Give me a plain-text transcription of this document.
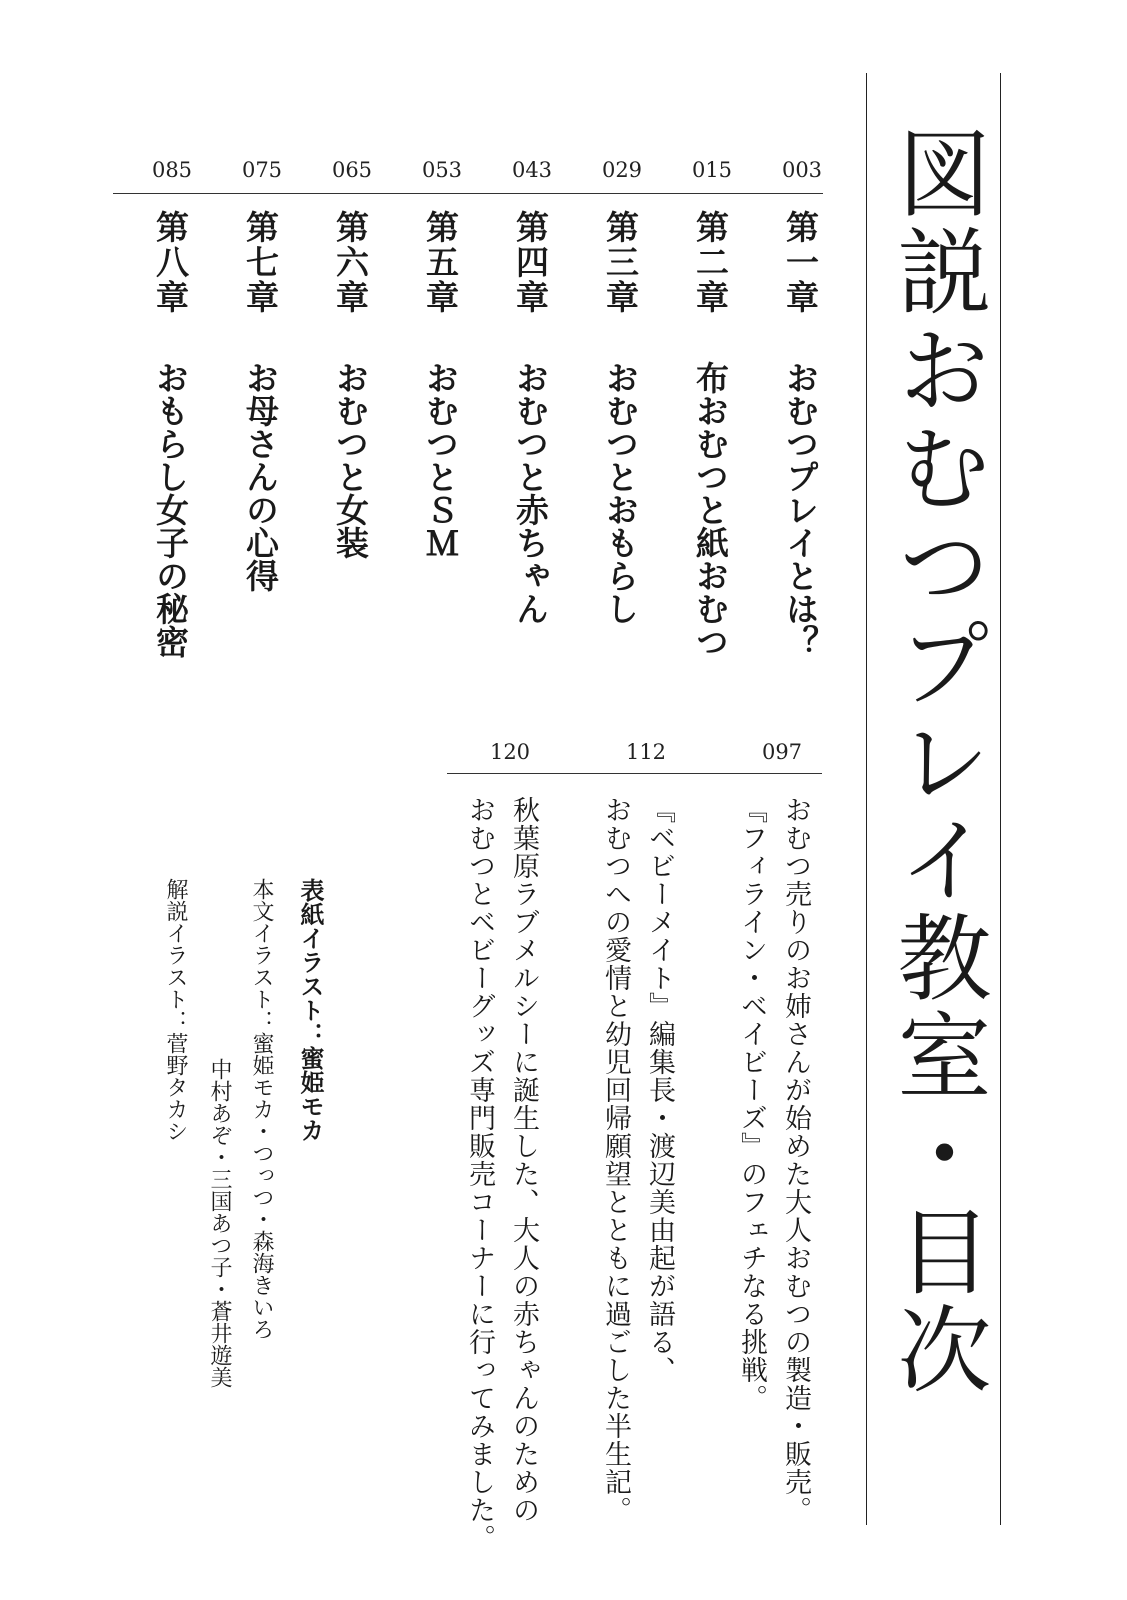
図説おむつプレイ教室・目次
003
第一章おむつプレイとは？
015
第二章布おむつと紙おむつ
029
第三章おむつとおもらし
043
第四章おむつと赤ちゃん
053
第五章おむつとＳＭ
065
第六章おむつと女装
075
第七章お母さんの心得
085
第八章おもらし女子の秘密
097
おむつ売りのお姉さんが始めた大人おむつの製造・販売。
『フィライン・ベイビーズ』のフェチなる挑戦。
112
『ベビーメイト』編集長・渡辺美由起が語る、
おむつへの愛情と幼児回帰願望とともに過ごした半生記。
120
秋葉原ラブメルシーに誕生した、大人の赤ちゃんのための
おむつとベビーグッズ専門販売コーナーに行ってみました。
表紙イラスト：蜜姫モカ
本文イラスト：蜜姫モカ・つっつ・森海きいろ
中村あぞ・三国あつ子・蒼井遊美
解説イラスト：菅野タカシ
